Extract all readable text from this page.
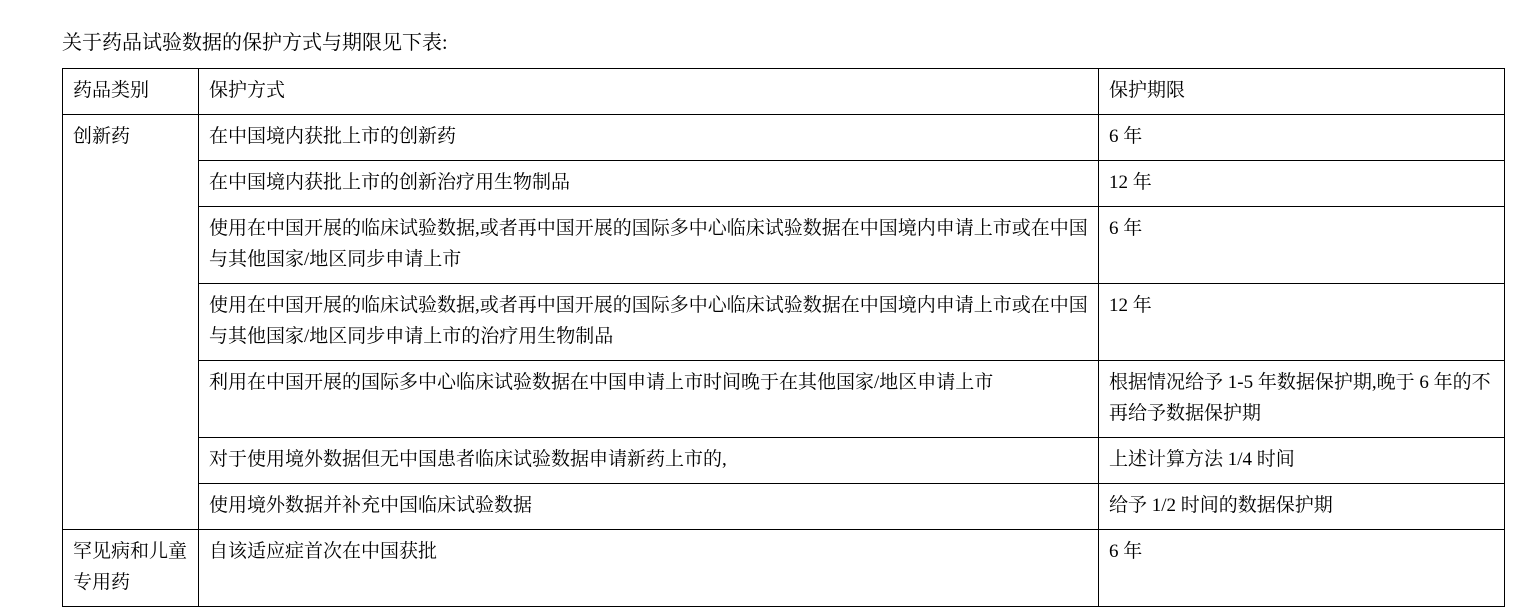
关于药品试验数据的保护方式与期限见下表:
药品类别	保护方式	保护期限
创新药	在中国境内获批上市的创新药	6 年
	在中国境内获批上市的创新治疗用生物制品	12 年
	使用在中国开展的临床试验数据,或者再中国开展的国际多中心临床试验数据在中国境内申请上市或在中国与其他国家/地区同步申请上市	6 年
	使用在中国开展的临床试验数据,或者再中国开展的国际多中心临床试验数据在中国境内申请上市或在中国与其他国家/地区同步申请上市的治疗用生物制品	12 年
	利用在中国开展的国际多中心临床试验数据在中国申请上市时间晚于在其他国家/地区申请上市	根据情况给予 1-5 年数据保护期,晚于 6 年的不再给予数据保护期
	对于使用境外数据但无中国患者临床试验数据申请新药上市的,	上述计算方法 1/4 时间
	使用境外数据并补充中国临床试验数据	给予 1/2 时间的数据保护期
罕见病和儿童专用药	自该适应症首次在中国获批	6 年
